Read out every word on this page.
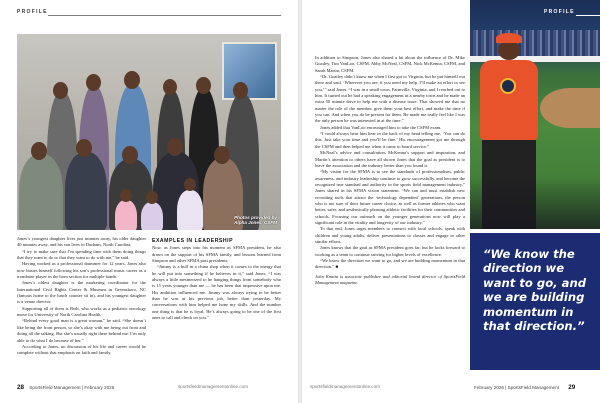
PROFILE
Photos provided by
Alpha Jones, CSFM

Jones’s youngest daughter lives just minutes away, his older daughter 40 minutes away, and his son lives in Durham, North Carolina.

“I try to make sure that I’m spending time with them doing things that they want to do or that they want to do with me,” he said.

Having worked as a professional drummer for 12 years, Jones also now busies himself following his son’s professional music career as a trombone player in the horn section for multiple bands.

Jones’s oldest daughter is the marketing coordinator for the International Civil Rights Center & Museum in Greensboro, NC (famous home to the lunch counter sit in), and his youngest daughter is a venue director.

Supporting all of them is Beth, who works as a pediatric oncology nurse for University of North Carolina Health.

“Behind every good man is a great woman,” he said. “She doesn’t like being the front person, so she’s okay with me being out front and doing all the talking. But she’s usually right there behind me. I’m only able to do what I do because of her.”

According to Jones, no discussion of his life and career would be complete without that emphasis on faith and family.

EXAMPLES IN LEADERSHIP

Now, as Jones steps into his moment as SFMA president, he also draws on the support of his SFMA family, and lessons learned from Simpson and other SFMA past presidents.

“Jimmy is a bull in a china shop when it comes to the energy that he will put into something if he believes in it,” said Jones. “I was always a little mesmerized to be hanging things from somebody who is 15 years younger than me — he has been that impressive upon me. His ambition influenced me. Jimmy was always trying to be better than he was at his previous job, better than yesterday. My conversations with him helped me hone my skills. And the number one thing is that he is loyal. He’s always going to be one of the first ones to call and check on you.”

28 SportsField Management | February 2026	sportsfieldmanagementonline.com

In addition to Simpson, Jones also shared a bit about the influence of Dr. Mike Goatley, Tim VanLoo, CSFM, Abby McNeal, CSFM, Nick McKenna, CSFM, and Sarah Martin, CSFM.

“Dr. Goatley didn’t know me when I first got to Virginia, but he put himself out there and said, ‘Wherever you are, if you need my help, I’ll make an effort to see you,’” said Jones. “I was in a small town, Farmville, Virginia, and I reached out to him. It turned out he had a speaking engagement in a nearby town and he made an extra 50 minute drive to help me with a disease issue. That showed me that no matter the role of the member, give them your best effort, and make the time if you can. And when you do be present for them. He made me really feel like I was the only person he was interested in at the time.”

Jones added that VanLoo encouraged him to take the CSFM exam.

“I could always hear him hear in the back of my head telling me, ‘You can do this. Just take your time and you’ll be fine.’ His encouragement got me through the CSFM and then helped me when it came to board service.”

McNeal’s advice and consultation, McKenna’s support and inspiration, and Martin’s attention to others have all shown Jones that the goal as president is to leave the association and the industry better than you found it.

“My vision for the SFMA is to see the standards of professionalism, public awareness, and industry leadership continue to grow successfully, and become the recognized true standard and authority in the sports field management industry,” Jones shared in his SFMA vision statement. “We can and must establish new recruiting tools that attract the ‘technology dependent’ generations, the person who is not sure of their future career choice, as well as former athletes who want better, safer, and aesthetically pleasing athletic facilities for their communities and schools. Focusing our outreach on the younger generations now will play a significant role in the vitality and longevity of our industry.”

To that end, Jones urges members to connect with local schools, speak with children and young adults, deliver presentations to classes and engage in other similar efforts.

Jones knows that the goal as SFMA president goes far, but he looks forward to working as a team to continue striving for higher levels of excellence.

“We know the direction we want to go, and we are building momentum in that direction.” ■

John Kmitta is associate publisher and editorial brand director of SportsField Management magazine.

PROFILE
“We know the direction we want to go, and we are building momentum in that direction.”
sportsfieldmanagementonline.com	February 2026 | SportsField Management 29
